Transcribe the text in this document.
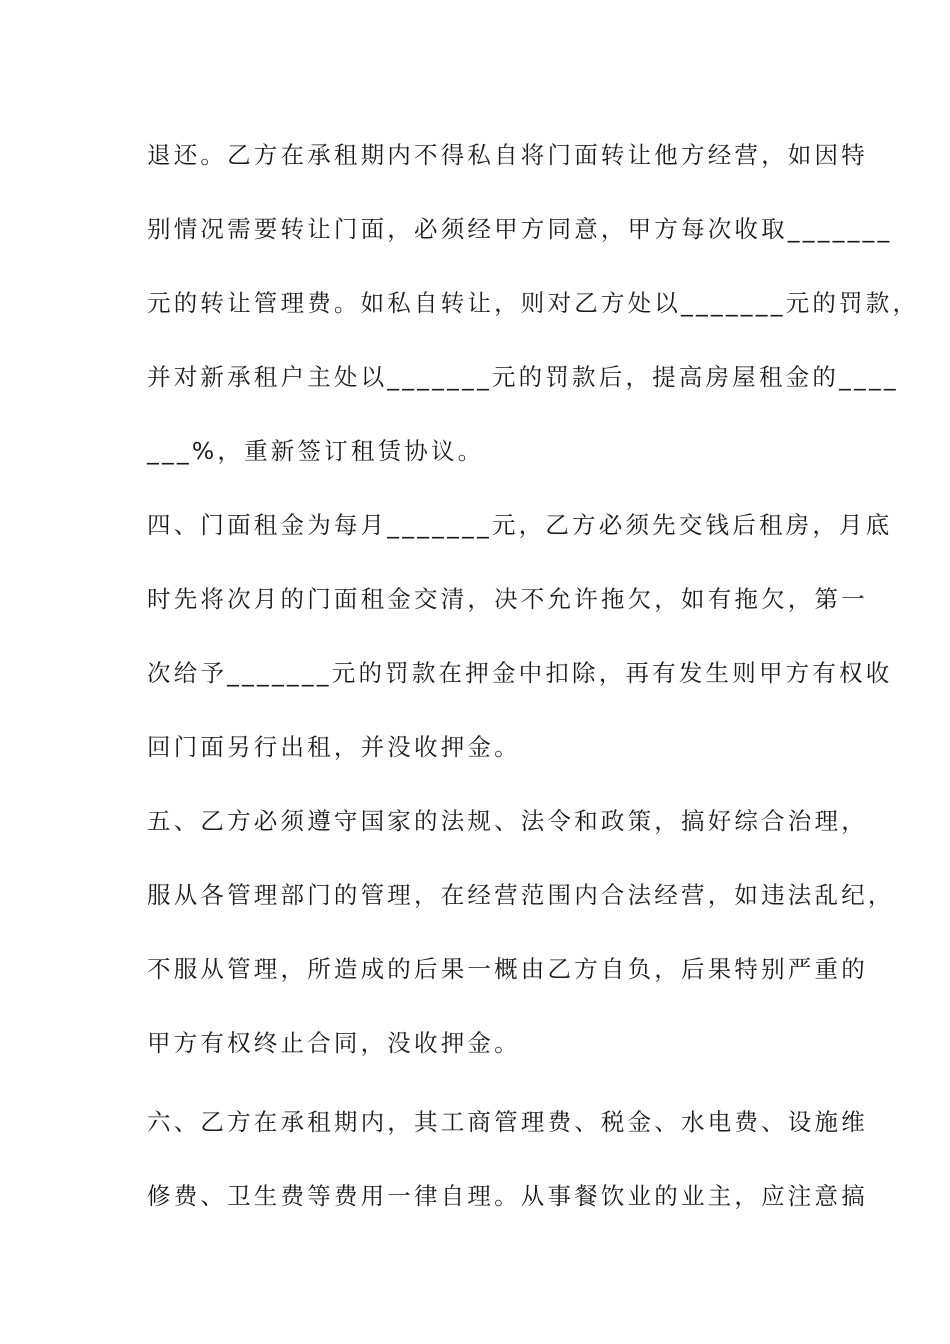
退还。乙方在承租期内不得私自将门面转让他方经营，如因特
别情况需要转让门面，必须经甲方同意，甲方每次收取_______
元的转让管理费。如私自转让，则对乙方处以_______元的罚款，
并对新承租户主处以_______元的罚款后，提高房屋租金的____
___%，重新签订租赁协议。
四、门面租金为每月_______元，乙方必须先交钱后租房，月底
时先将次月的门面租金交清，决不允许拖欠，如有拖欠，第一
次给予_______元的罚款在押金中扣除，再有发生则甲方有权收
回门面另行出租，并没收押金。
五、乙方必须遵守国家的法规、法令和政策，搞好综合治理，
服从各管理部门的管理，在经营范围内合法经营，如违法乱纪，
不服从管理，所造成的后果一概由乙方自负，后果特别严重的
甲方有权终止合同，没收押金。
六、乙方在承租期内，其工商管理费、税金、水电费、设施维
修费、卫生费等费用一律自理。从事餐饮业的业主，应注意搞
